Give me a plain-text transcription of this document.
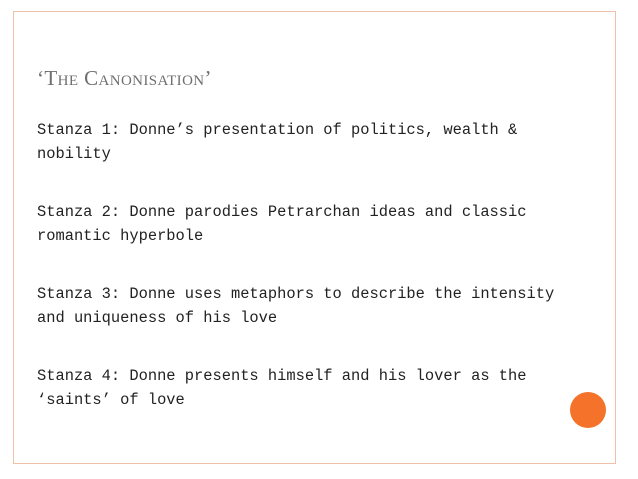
‘The Canonisation’
Stanza 1: Donne’s presentation of politics, wealth & nobility
Stanza 2: Donne parodies Petrarchan ideas and classic romantic hyperbole
Stanza 3: Donne uses metaphors to describe the intensity and uniqueness of his love
Stanza 4: Donne presents himself and his lover as the ‘saints’ of love
